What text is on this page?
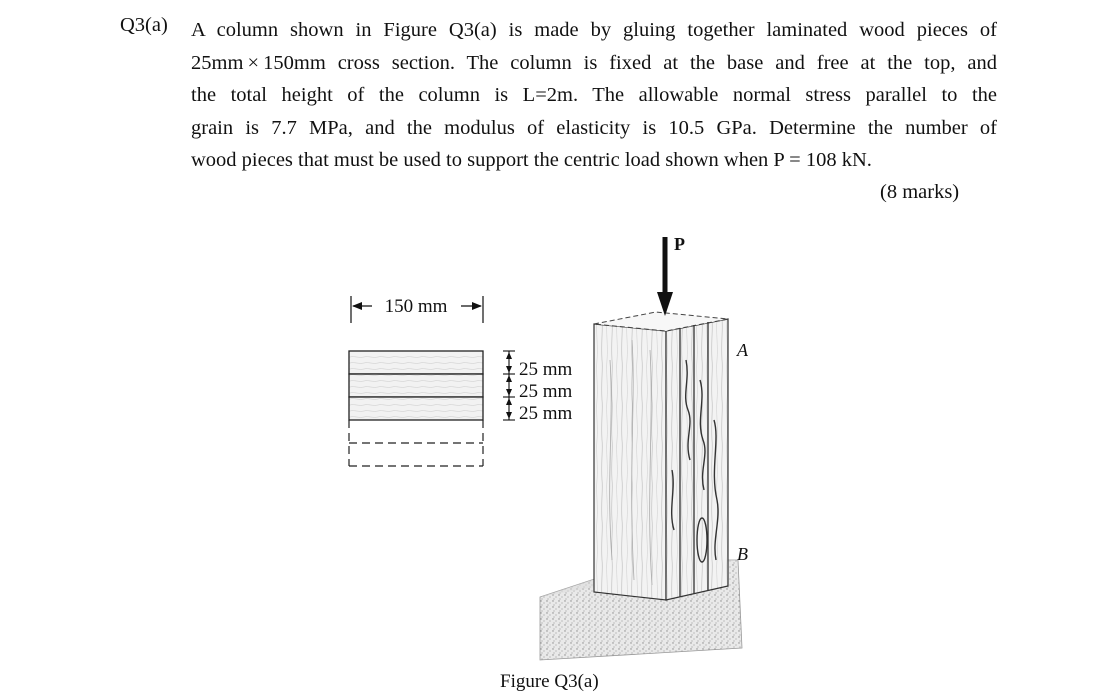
Q3(a) A column shown in Figure Q3(a) is made by gluing together laminated wood pieces of
25mm × 150mm cross section. The column is fixed at the base and free at the top, and
the total height of the column is L=2m. The allowable normal stress parallel to the
grain is 7.7 MPa, and the modulus of elasticity is 10.5 GPa. Determine the number of
wood pieces that must be used to support the centric load shown when P = 108 kN.
(8 marks)
150 mm
25 mm
25 mm
25 mm
P
A
B
Figure Q3(a)
